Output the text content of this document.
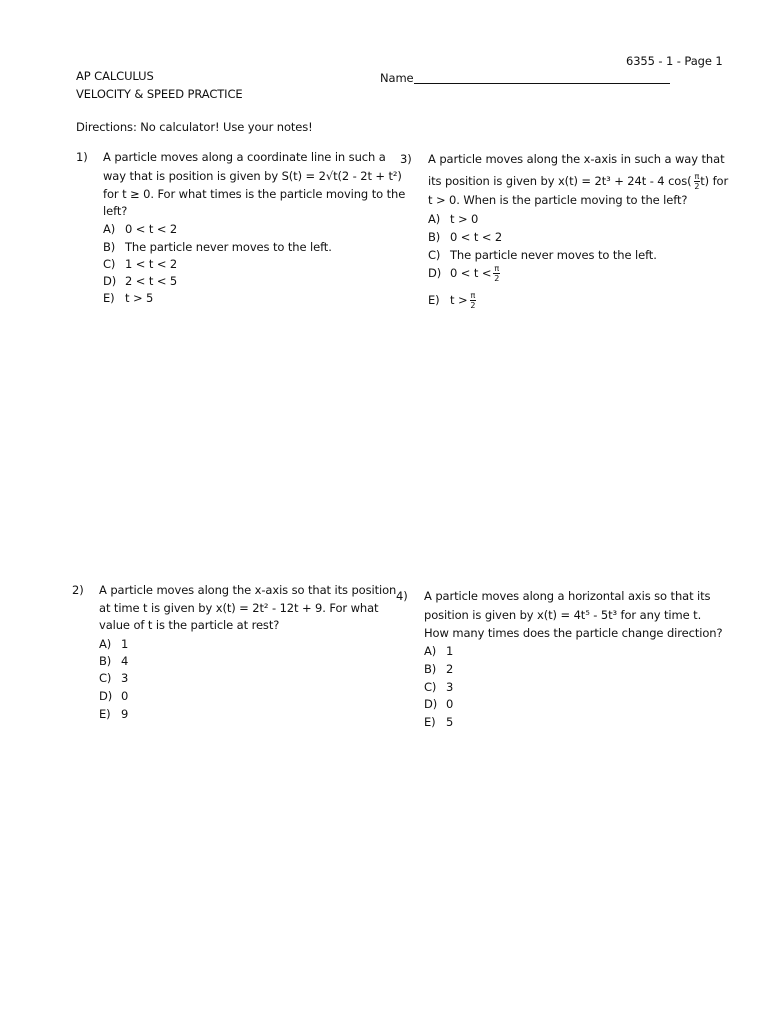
6355 - 1 - Page 1
AP CALCULUS
VELOCITY & SPEED PRACTICE
Name
Directions: No calculator! Use your notes!
1) A particle moves along a coordinate line in such a
way that is position is given by S(t) = 2√t(2 - 2t + t²)
for t ≥ 0. For what times is the particle moving to the
left?
A) 0 < t < 2
B) The particle never moves to the left.
C) 1 < t < 2
D) 2 < t < 5
E) t > 5
3) A particle moves along the x-axis in such a way that
its position is given by x(t) = 2t³ + 24t - 4 $\cos( \frac{\pi}{2} t)$ for
t > 0. When is the particle moving to the left?
A) t > 0
B) 0 < t < 2
C) The particle never moves to the left.
D) $0 < t < \frac{\pi}{2}$
E) $t > \frac{\pi}{2}$
2) A particle moves along the x-axis so that its position
at time t is given by x(t) = 2t² - 12t + 9. For what
value of t is the particle at rest?
A) 1
B) 4
C) 3
D) 0
E) 9
4) A particle moves along a horizontal axis so that its
position is given by x(t) = 4t⁵ - 5t³ for any time t.
How many times does the particle change direction?
A) 1
B) 2
C) 3
D) 0
E) 5
